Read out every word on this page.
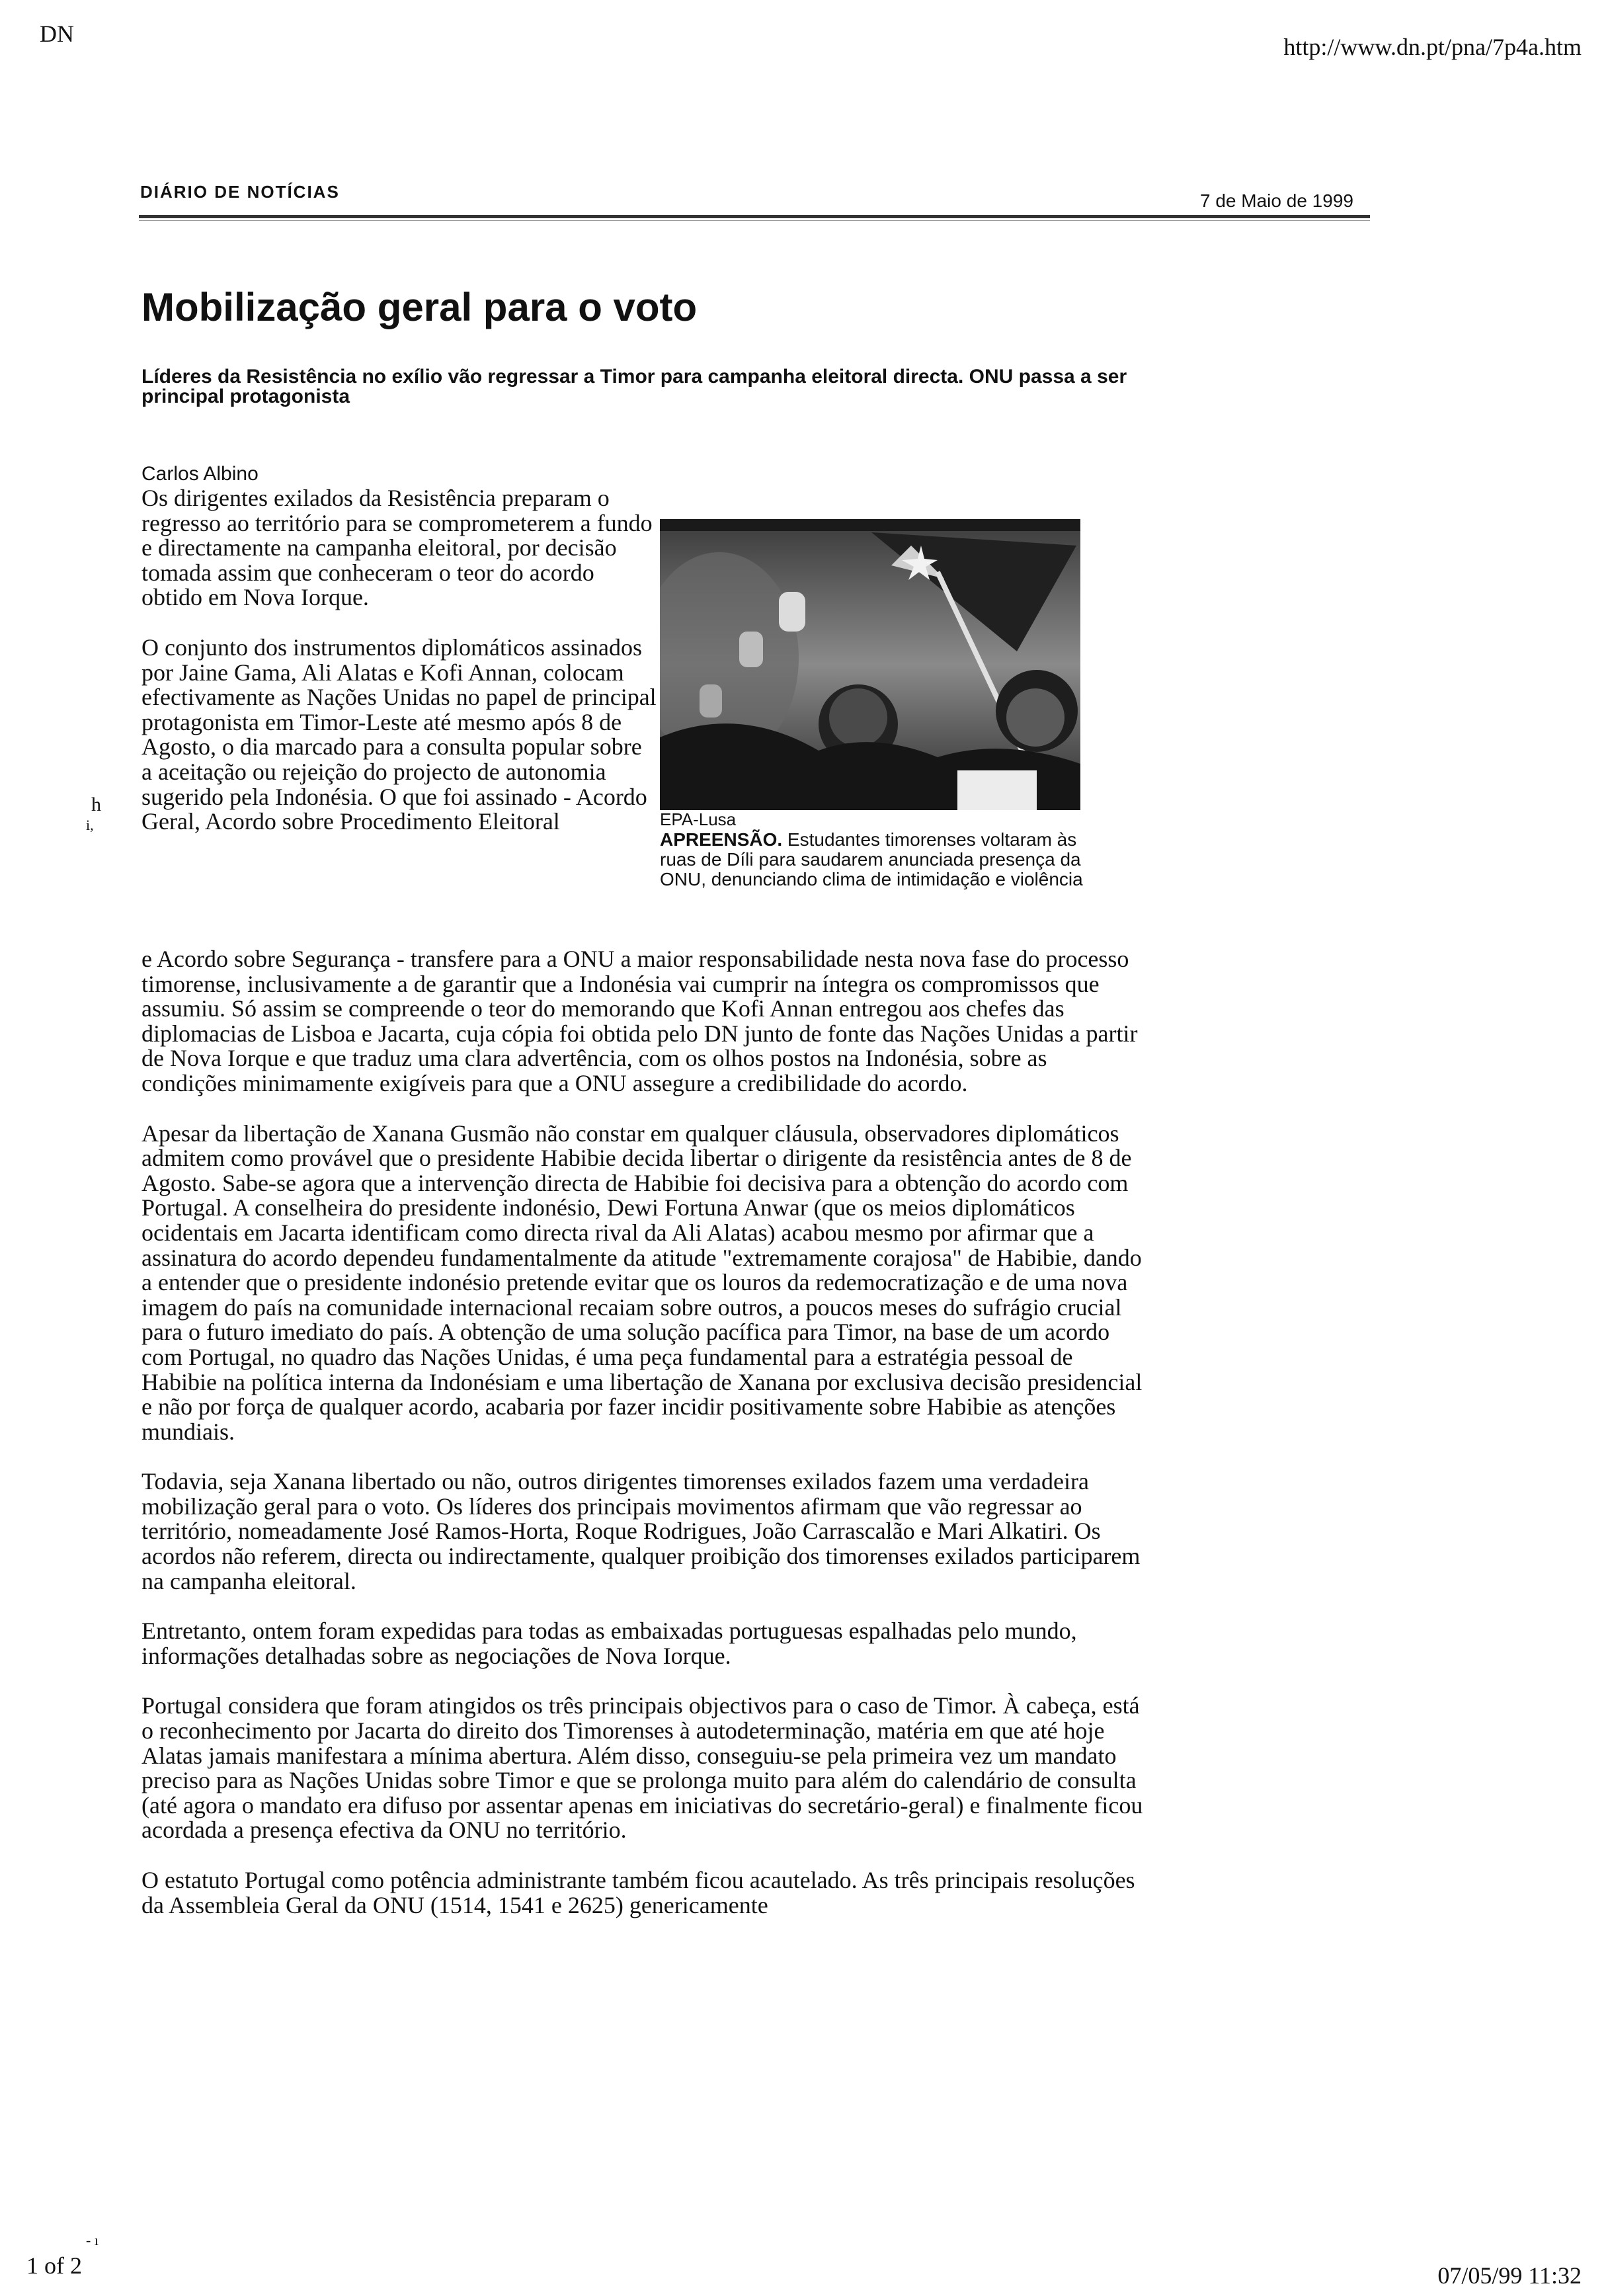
DN	http://www.dn.pt/pna/7p4a.htm
DIÁRIO DE NOTÍCIAS	7 de Maio de 1999
Mobilização geral para o voto
Líderes da Resistência no exílio vão regressar a Timor para campanha eleitoral directa. ONU passa a ser principal protagonista
Carlos Albino

Os dirigentes exilados da Resistência preparam o regresso ao território para se comprometerem a fundo e directamente na campanha eleitoral, por decisão tomada assim que conheceram o teor do acordo obtido em Nova Iorque.

O conjunto dos instrumentos diplomáticos assinados por Jaine Gama, Ali Alatas e Kofi Annan, colocam efectivamente as Nações Unidas no papel de principal protagonista em Timor-Leste até mesmo após 8 de Agosto, o dia marcado para a consulta popular sobre a aceitação ou rejeição do projecto de autonomia sugerido pela Indonésia. O que foi assinado - Acordo Geral, Acordo sobre Procedimento Eleitoral	EPA-Lusa
APREENSÃO. Estudantes timorenses voltaram às ruas de Díli para saudarem anunciada presença da ONU, denunciando clima de intimidação e violência
h
i,

e Acordo sobre Segurança - transfere para a ONU a maior responsabilidade nesta nova fase do processo timorense, inclusivamente a de garantir que a Indonésia vai cumprir na íntegra os compromissos que assumiu. Só assim se compreende o teor do memorando que Kofi Annan entregou aos chefes das diplomacias de Lisboa e Jacarta, cuja cópia foi obtida pelo DN junto de fonte das Nações Unidas a partir de Nova Iorque e que traduz uma clara advertência, com os olhos postos na Indonésia, sobre as condições minimamente exigíveis para que a ONU assegure a credibilidade do acordo.

Apesar da libertação de Xanana Gusmão não constar em qualquer cláusula, observadores diplomáticos admitem como provável que o presidente Habibie decida libertar o dirigente da resistência antes de 8 de Agosto. Sabe-se agora que a intervenção directa de Habibie foi decisiva para a obtenção do acordo com Portugal. A conselheira do presidente indonésio, Dewi Fortuna Anwar (que os meios diplomáticos ocidentais em Jacarta identificam como directa rival da Ali Alatas) acabou mesmo por afirmar que a assinatura do acordo dependeu fundamentalmente da atitude "extremamente corajosa" de Habibie, dando a entender que o presidente indonésio pretende evitar que os louros da redemocratização e de uma nova imagem do país na comunidade internacional recaiam sobre outros, a poucos meses do sufrágio crucial para o futuro imediato do país. A obtenção de uma solução pacífica para Timor, na base de um acordo com Portugal, no quadro das Nações Unidas, é uma peça fundamental para a estratégia pessoal de Habibie na política interna da Indonésiam e uma libertação de Xanana por exclusiva decisão presidencial e não por força de qualquer acordo, acabaria por fazer incidir positivamente sobre Habibie as atenções mundiais.

Todavia, seja Xanana libertado ou não, outros dirigentes timorenses exilados fazem uma verdadeira mobilização geral para o voto. Os líderes dos principais movimentos afirmam que vão regressar ao território, nomeadamente José Ramos-Horta, Roque Rodrigues, João Carrascalão e Mari Alkatiri. Os acordos não referem, directa ou indirectamente, qualquer proibição dos timorenses exilados participarem na campanha eleitoral.

Entretanto, ontem foram expedidas para todas as embaixadas portuguesas espalhadas pelo mundo, informações detalhadas sobre as negociações de Nova Iorque.

Portugal considera que foram atingidos os três principais objectivos para o caso de Timor. À cabeça, está o reconhecimento por Jacarta do direito dos Timorenses à autodeterminação, matéria em que até hoje Alatas jamais manifestara a mínima abertura. Além disso, conseguiu-se pela primeira vez um mandato preciso para as Nações Unidas sobre Timor e que se prolonga muito para além do calendário de consulta (até agora o mandato era difuso por assentar apenas em iniciativas do secretário-geral) e finalmente ficou acordada a presença efectiva da ONU no território.

O estatuto Portugal como potência administrante também ficou acautelado. As três principais resoluções da Assembleia Geral da ONU (1514, 1541 e 2625) genericamente

- ı
1 of 2	07/05/99 11:32
